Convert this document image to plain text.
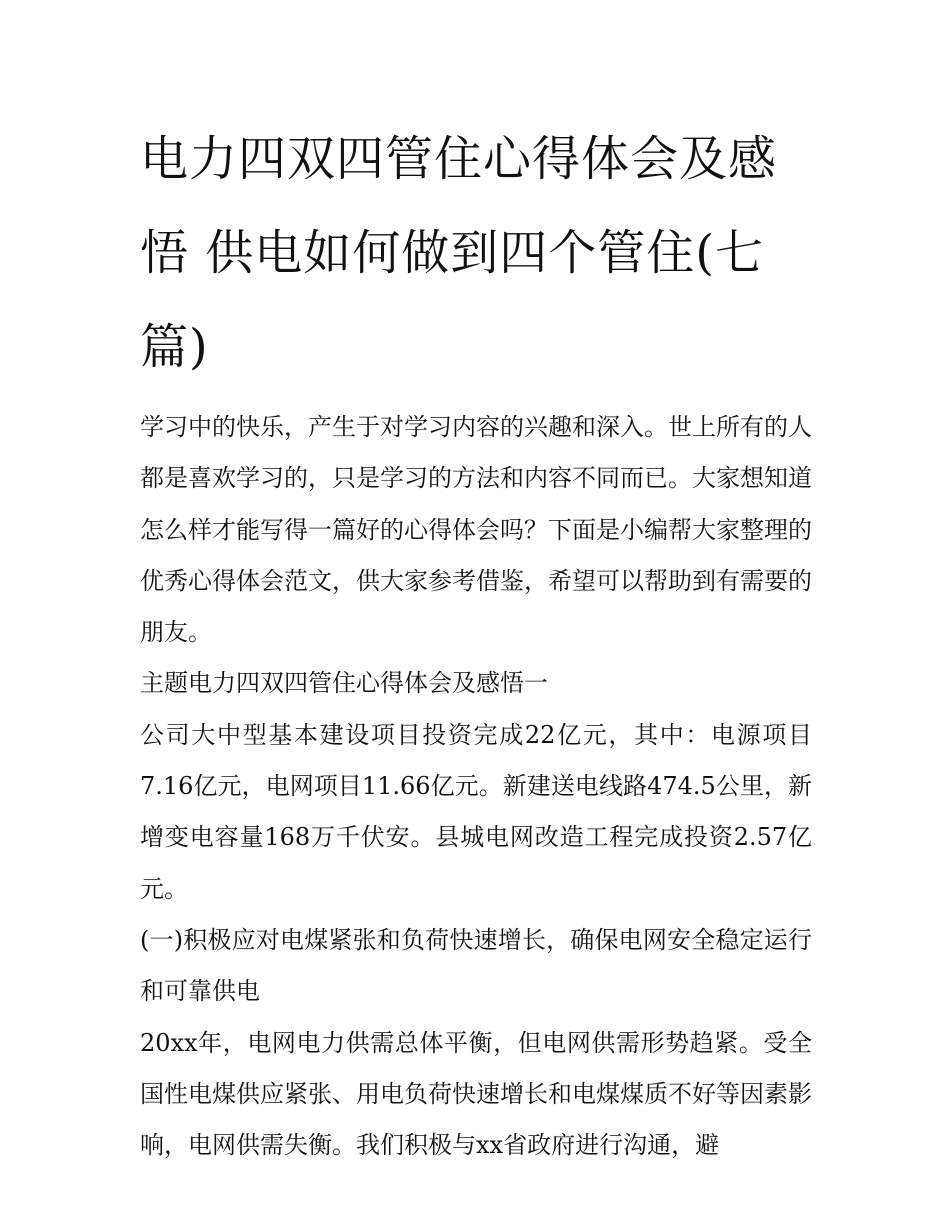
电力四双四管住心得体会及感悟 供电如何做到四个管住(七篇)

学习中的快乐，产生于对学习内容的兴趣和深入。世上所有的人都是喜欢学习的，只是学习的方法和内容不同而已。大家想知道怎么样才能写得一篇好的心得体会吗？下面是小编帮大家整理的优秀心得体会范文，供大家参考借鉴，希望可以帮助到有需要的朋友。

主题电力四双四管住心得体会及感悟一

公司大中型基本建设项目投资完成22亿元，其中：电源项目7.16亿元，电网项目11.66亿元。新建送电线路474.5公里，新增变电容量168万千伏安。县城电网改造工程完成投资2.57亿元。

(一)积极应对电煤紧张和负荷快速增长，确保电网安全稳定运行和可靠供电

20xx年，电网电力供需总体平衡，但电网供需形势趋紧。受全国性电煤供应紧张、用电负荷快速增长和电煤煤质不好等因素影响，电网供需失衡。我们积极与xx省政府进行沟通，避
